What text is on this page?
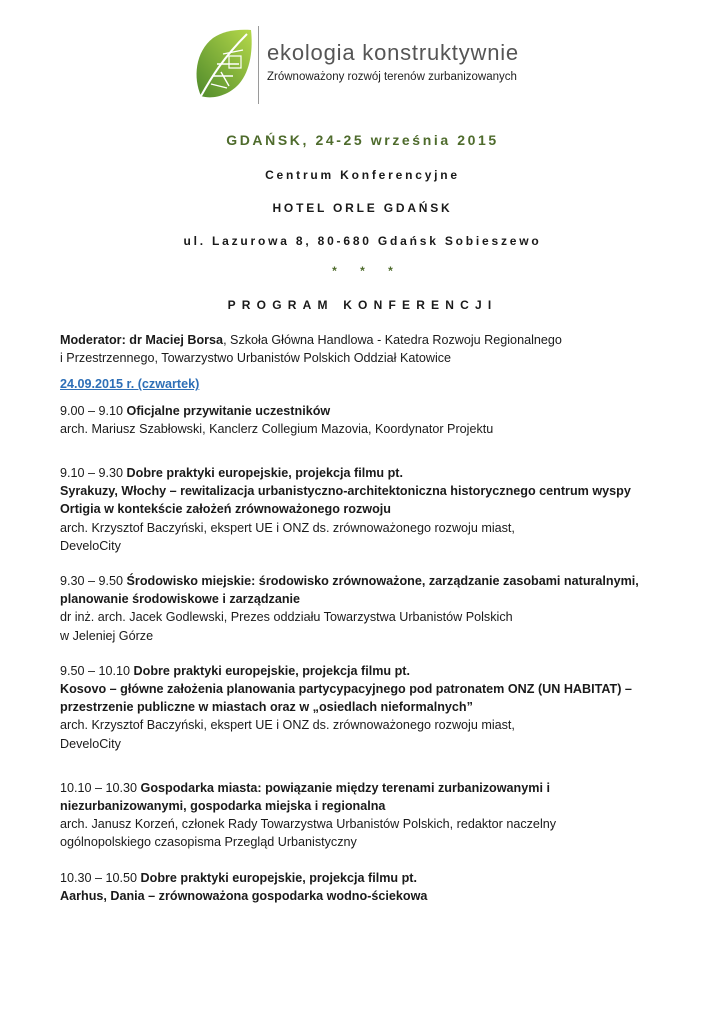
ekologia konstruktywnie
Zrównoważony rozwój terenów zurbanizowanych
GDAŃSK, 24-25 września 2015
Centrum Konferencyjne
HOTEL ORLE GDAŃSK
ul. Lazurowa 8, 80-680 Gdańsk Sobieszewo
* * *
PROGRAM KONFERENCJI

Moderator: dr Maciej Borsa, Szkoła Główna Handlowa - Katedra Rozwoju Regionalnego
i Przestrzennego, Towarzystwo Urbanistów Polskich Oddział Katowice

24.09.2015 r. (czwartek)

9.00 – 9.10 Oficjalne przywitanie uczestników

arch. Mariusz Szabłowski, Kanclerz Collegium Mazovia, Koordynator Projektu

9.10 – 9.30 Dobre praktyki europejskie, projekcja filmu pt.

Syrakuzy, Włochy – rewitalizacja urbanistyczno-architektoniczna historycznego centrum wyspy

Ortigia w kontekście założeń zrównoważonego rozwoju

arch. Krzysztof Baczyński, ekspert UE i ONZ ds. zrównoważonego rozwoju miast,

DeveloCity

9.30 – 9.50 Środowisko miejskie: środowisko zrównoważone, zarządzanie zasobami naturalnymi,

planowanie środowiskowe i zarządzanie

dr inż. arch. Jacek Godlewski, Prezes oddziału Towarzystwa Urbanistów Polskich

w Jeleniej Górze

9.50 – 10.10 Dobre praktyki europejskie, projekcja filmu pt.

Kosovo – główne założenia planowania partycypacyjnego pod patronatem ONZ (UN HABITAT) –

przestrzenie publiczne w miastach oraz w „osiedlach nieformalnych”

arch. Krzysztof Baczyński, ekspert UE i ONZ ds. zrównoważonego rozwoju miast,

DeveloCity

10.10 – 10.30 Gospodarka miasta: powiązanie między terenami zurbanizowanymi i

niezurbanizowanymi, gospodarka miejska i regionalna

arch. Janusz Korzeń, członek Rady Towarzystwa Urbanistów Polskich, redaktor naczelny

ogólnopolskiego czasopisma Przegląd Urbanistyczny

10.30 – 10.50 Dobre praktyki europejskie, projekcja filmu pt.

Aarhus, Dania – zrównoważona gospodarka wodno-ściekowa
